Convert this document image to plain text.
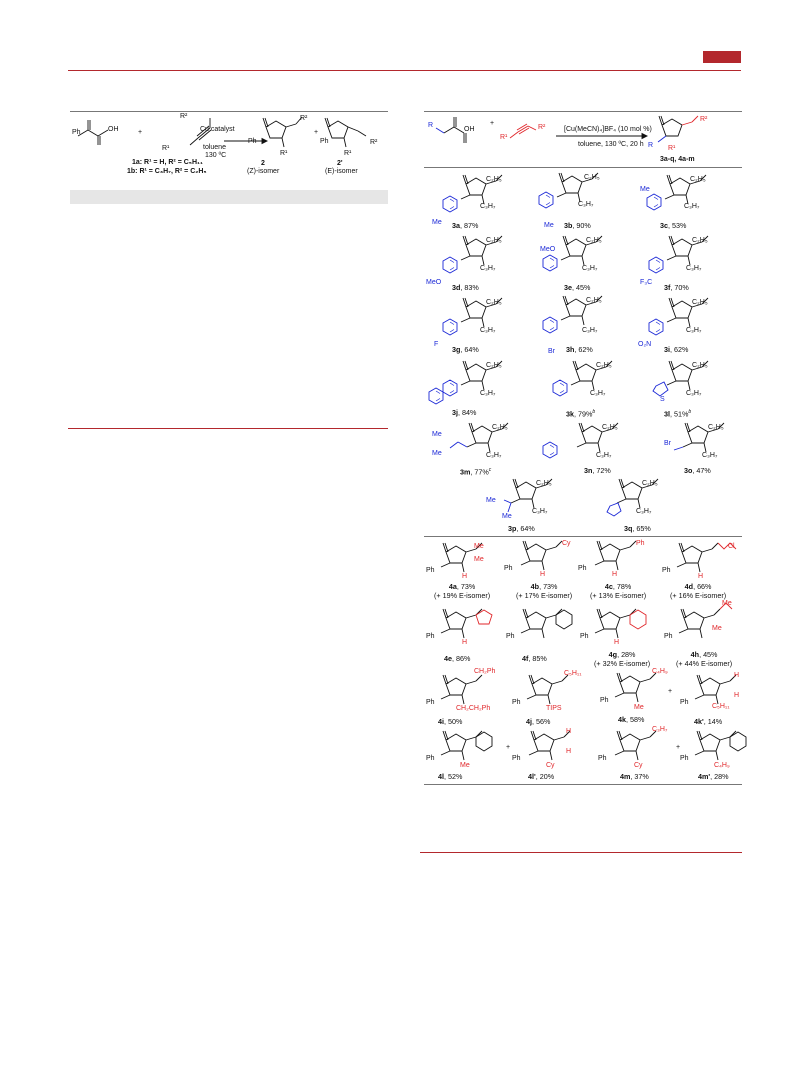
Ph	OH	+
R²
R¹
Cu catalyst
toluene
130 ºC
Ph
R²
R¹
+
Ph	R²
R¹
1a: R¹ = H, R² = C₅H₁₁
1b: R¹ = C₃H₇, R² = C₂H₅
2
(Z)-isomer
2'
(E)-isomer
R
OH
+
R¹
R²	[Cu(MeCN)₄]BF₄ (10 mol %)
toluene, 130 ºC, 20 h
R²
R R¹
3a-q, 4a-m
C₂H₅
C₃H₇
Me 3a, 87%
C₂H₅
C₃H₇
Me 3b, 90%
C₂H₅
C₃H₇
Me
3c, 53%
C₂H₅
C₃H₇
MeO
3d, 83%
C₂H₅
C₃H₇
MeO
3e, 45%
C₂H₅
C₃H₇
F₃C
3f, 70%
C₂H₅
C₃H₇
F
3g, 64%
C₂H₅
C₃H₇
Br 3h, 62%
C₂H₅
C₃H₇
O₂N
3i, 62%
C₂H₅
C₃H₇
3j, 84%
C₂H₅
C₃H₇
3k, 79%$^b$
C₂H₅
C₃H₇
S
3l, 51%$^b$
C₂H₅
C₃H₇
Me
Me
3m, 77%$^c$
C₂H₅
C₃H₇
3n, 72%
C₂H₅
C₃H₇
Br
3o, 47%
C₂H₅
C₃H₇
Me
Me
3p, 64%
C₂H₅
C₃H₇
3q, 65%
Me
Me
Ph
H
4a, 73%
(+ 19% E-isomer)
Cy
Ph
H
4b, 73%
(+ 17% E-isomer)
Ph
Ph
H
4c, 78%
(+ 13% E-isomer)
Cl
Ph
H
4d, 66%
(+ 16% E-isomer)
Ph
H
4e, 86%
Ph
4f, 85%
Ph
H
4g, 28%
(+ 32% E-isomer)
Me
Me
Ph
4h, 45%
(+ 44% E-isomer)
CH₂Ph
Ph
CH₂CH₂Ph
4i, 50%
C₅H₁₁
Ph
TIPS
4j, 56%
C₄H₉
Ph
Me
4k, 58%
+
H
H
Ph
C₅H₁₁
4k', 14%
Ph
Me
4l, 52%
+
H
H
Ph
Cy
4l', 20%
C₃H₇
Ph
Cy
4m, 37%
+
Ph
C₄H₉
4m', 28%
